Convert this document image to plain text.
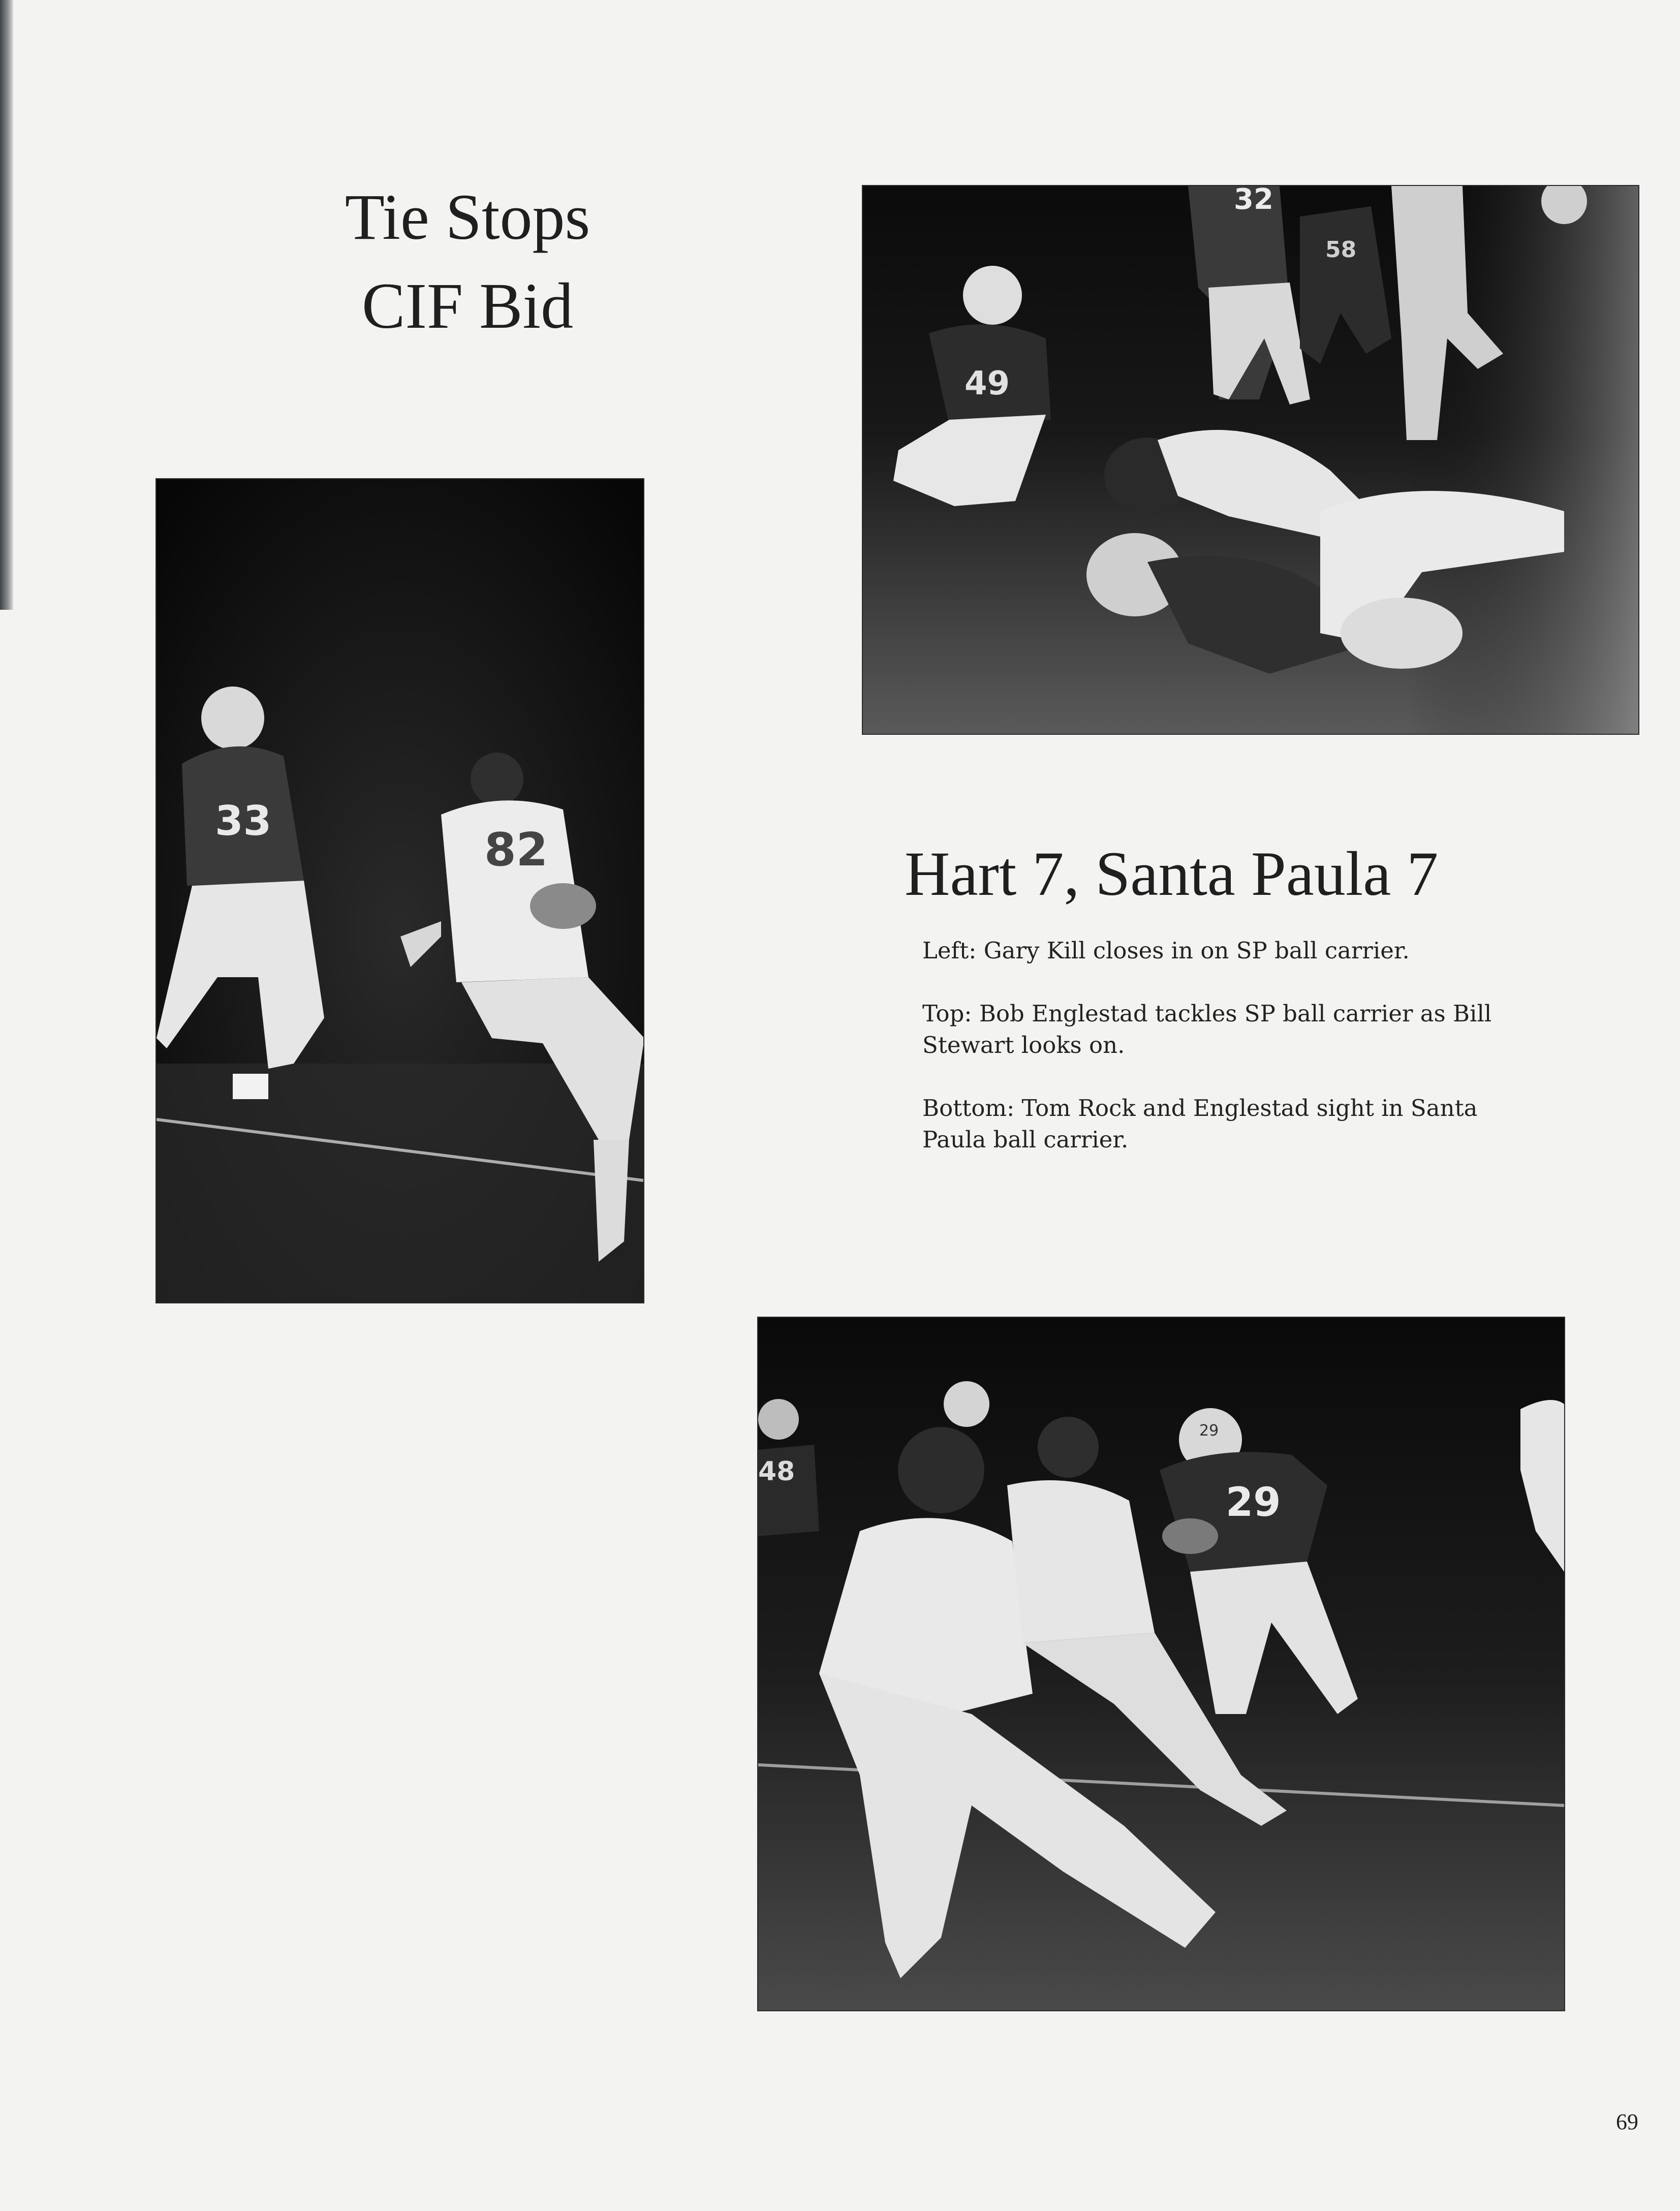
Tie Stops
CIF Bid
33
82
49
32
58
Hart 7, Santa Paula 7

Left: Gary Kill closes in on SP ball carrier.

Top: Bob Englestad tackles SP ball carrier as Bill Stewart looks on.

Bottom: Tom Rock and Englestad sight in Santa Paula ball carrier.

48
29
29
69
